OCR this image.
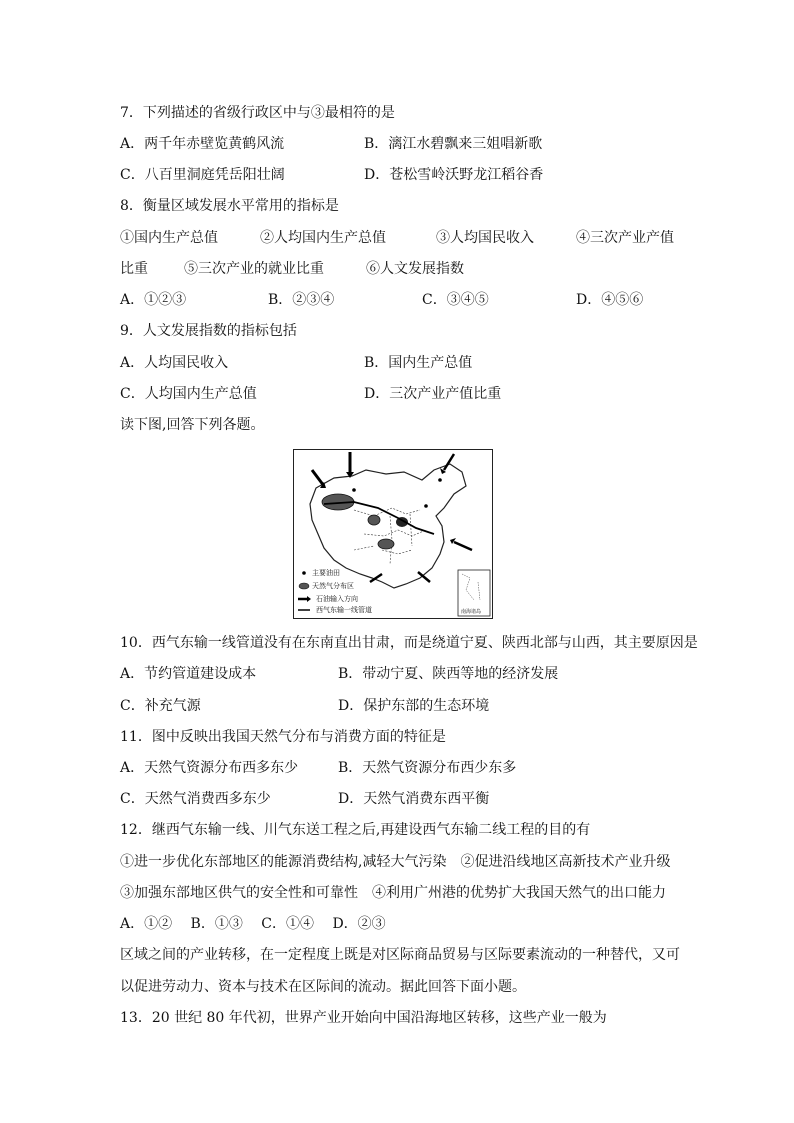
7．下列描述的省级行政区中与③最相符的是
A．两千年赤壁览黄鹤风流	B．漓江水碧飘来三姐唱新歌
C．八百里洞庭凭岳阳壮阔	D．苍松雪岭沃野龙江稻谷香
8．衡量区域发展水平常用的指标是
①国内生产总值	②人均国内生产总值	③人均国民收入	④三次产业产值
比重	⑤三次产业的就业比重	⑥人文发展指数
A．①②③	B．②③④	C．③④⑤	D．④⑤⑥
9．人文发展指数的指标包括
A．人均国民收入	B．国内生产总值
C．人均国内生产总值	D．三次产业产值比重
读下图,回答下列各题。
主要油田
天然气分布区
石油输入方向
西气东输一线管道	南海诸岛
10．西气东输一线管道没有在东南直出甘肃，而是绕道宁夏、陕西北部与山西，其主要原因是
A．节约管道建设成本	B．带动宁夏、陕西等地的经济发展
C．补充气源	D．保护东部的生态环境
11．图中反映出我国天然气分布与消费方面的特征是
A．天然气资源分布西多东少	B．天然气资源分布西少东多
C．天然气消费西多东少	D．天然气消费东西平衡
12．继西气东输一线、川气东送工程之后,再建设西气东输二线工程的目的有
①进一步优化东部地区的能源消费结构,减轻大气污染　②促进沿线地区高新技术产业升级
③加强东部地区供气的安全性和可靠性　④利用广州港的优势扩大我国天然气的出口能力
A．①②　 B．①③　 C．①④　 D．②③
区域之间的产业转移，在一定程度上既是对区际商品贸易与区际要素流动的一种替代，又可
以促进劳动力、资本与技术在区际间的流动。据此回答下面小题。
13．20 世纪 80 年代初，世界产业开始向中国沿海地区转移，这些产业一般为
